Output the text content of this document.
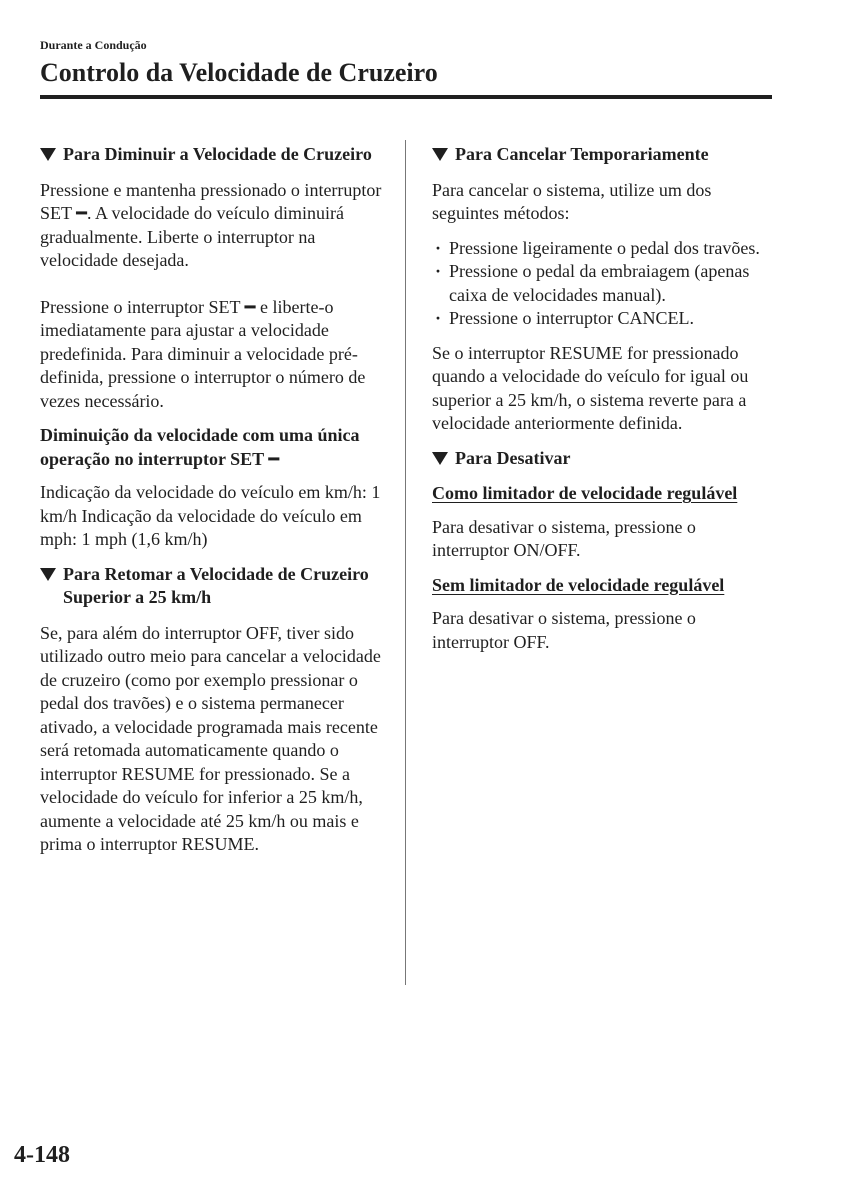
Durante a Condução
Controlo da Velocidade de Cruzeiro
Para Diminuir a Velocidade de Cruzeiro

Pressione e mantenha pressionado o interruptor SET ━. A velocidade do veículo diminuirá gradualmente. Liberte o interruptor na velocidade desejada.

Pressione o interruptor SET ━ e liberte-o imediatamente para ajustar a velocidade predefinida. Para diminuir a velocidade pré-definida, pressione o interruptor o número de vezes necessário.

Diminuição da velocidade com uma única operação no interruptor SET ━

Indicação da velocidade do veículo em km/h: 1 km/h Indicação da velocidade do veículo em mph: 1 mph (1,6 km/h)

Para Retomar a Velocidade de Cruzeiro Superior a 25 km/h

Se, para além do interruptor OFF, tiver sido utilizado outro meio para cancelar a velocidade de cruzeiro (como por exemplo pressionar o pedal dos travões) e o sistema permanecer ativado, a velocidade programada mais recente será retomada automaticamente quando o interruptor RESUME for pressionado. Se a velocidade do veículo for inferior a 25 km/h, aumente a velocidade até 25 km/h ou mais e prima o interruptor RESUME.

Para Cancelar Temporariamente

Para cancelar o sistema, utilize um dos seguintes métodos:

· Pressione ligeiramente o pedal dos travões.
· Pressione o pedal da embraiagem (apenas caixa de velocidades manual).
· Pressione o interruptor CANCEL.

Se o interruptor RESUME for pressionado quando a velocidade do veículo for igual ou superior a 25 km/h, o sistema reverte para a velocidade anteriormente definida.

Para Desativar
Como limitador de velocidade regulável

Para desativar o sistema, pressione o interruptor ON/OFF.

Sem limitador de velocidade regulável

Para desativar o sistema, pressione o interruptor OFF.

4-148
